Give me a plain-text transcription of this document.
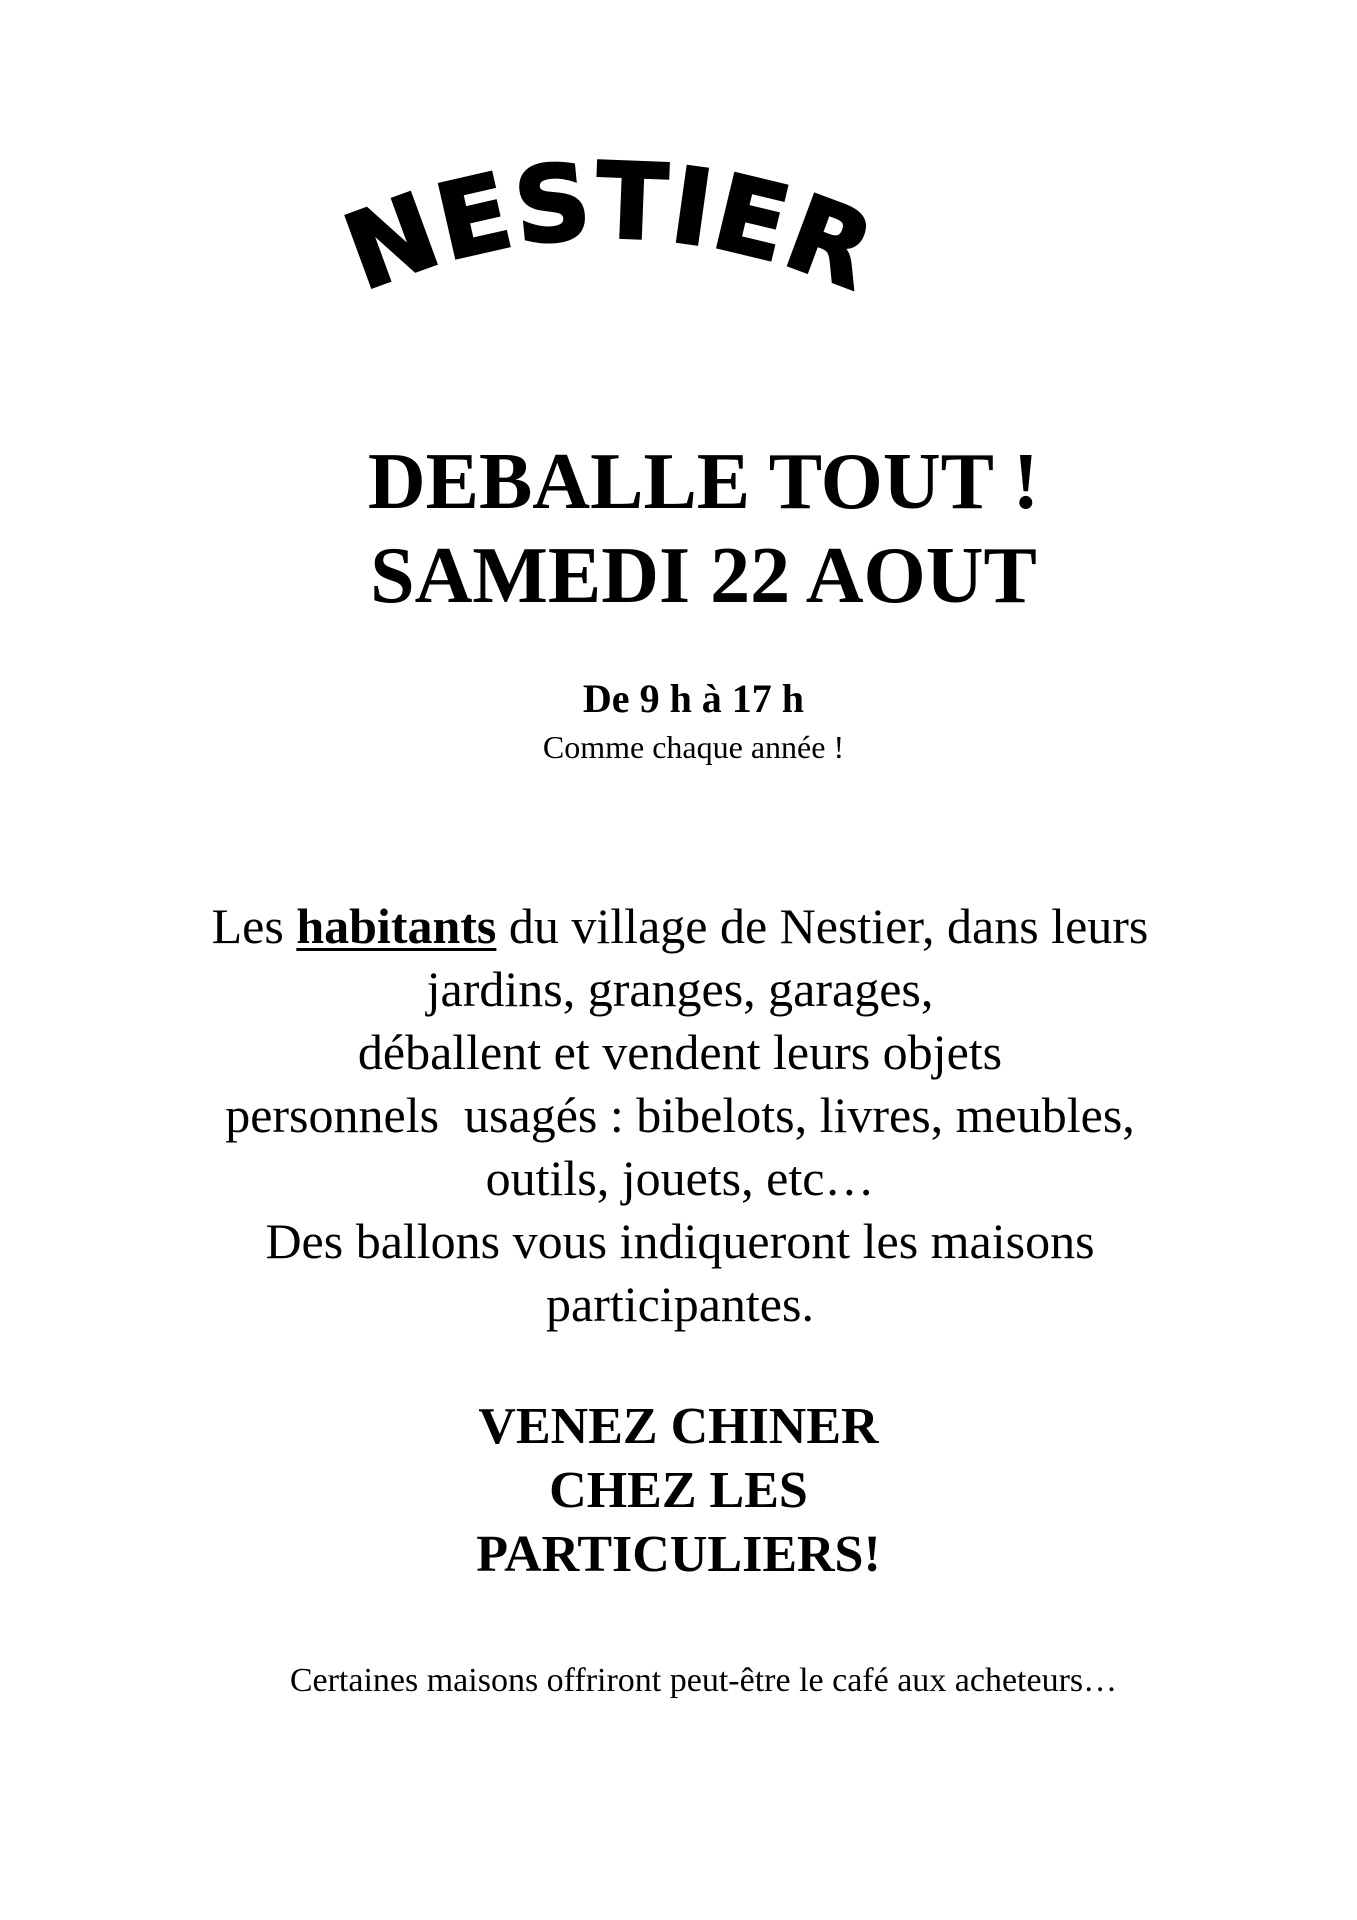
NESTIER
DEBALLE TOUT !
SAMEDI 22 AOUT
De 9 h à 17 h
Comme chaque année !
Les habitants du village de Nestier, dans leurs
jardins, granges, garages,
déballent et vendent leurs objets
personnels  usagés : bibelots, livres, meubles,
outils, jouets, etc…
Des ballons vous indiqueront les maisons
participantes.
VENEZ CHINER
CHEZ LES
PARTICULIERS!
Certaines maisons offriront peut-être le café aux acheteurs…
